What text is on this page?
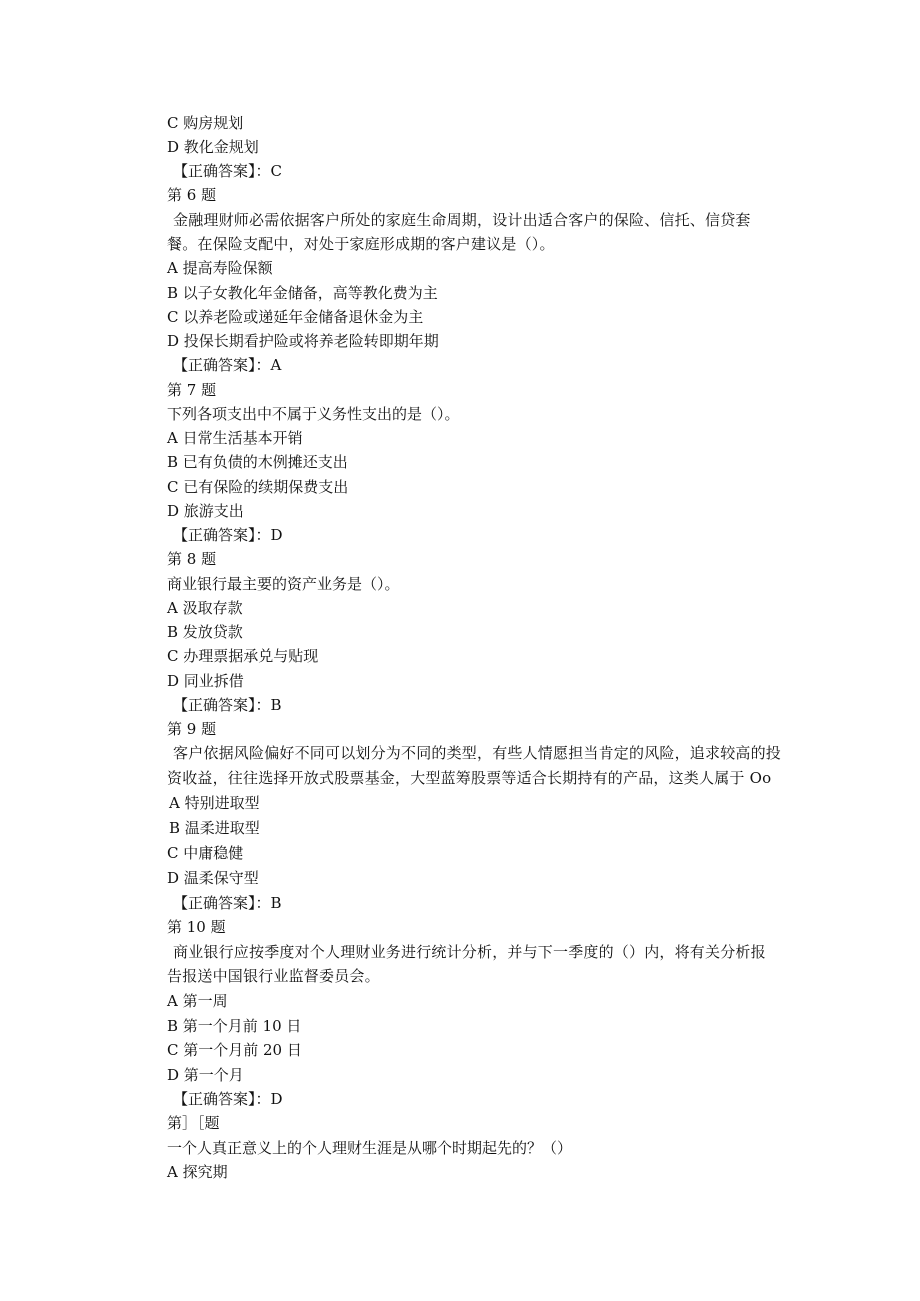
C 购房规划
D 教化金规划
【正确答案】：C
第 6 题
金融理财师必需依据客户所处的家庭生命周期，设计出适合客户的保险、信托、信贷套
餐。在保险支配中，对处于家庭形成期的客户建议是（）。
A 提高寿险保额
B 以子女教化年金储备，高等教化费为主
C 以养老险或递延年金储备退休金为主
D 投保长期看护险或将养老险转即期年期
【正确答案】：A
第 7 题
下列各项支出中不属于义务性支出的是（）。
A 日常生活基本开销
B 已有负债的木例摊还支出
C 已有保险的续期保费支出
D 旅游支出
【正确答案】：D
第 8 题
商业银行最主要的资产业务是（）。
A 汲取存款
B 发放贷款
C 办理票据承兑与贴现
D 同业拆借
【正确答案】：B
第 9 题
客户依据风险偏好不同可以划分为不同的类型，有些人情愿担当肯定的风险，追求较高的投
资收益，往往选择开放式股票基金，大型蓝筹股票等适合长期持有的产品，这类人属于 Oo
A 特别进取型
B 温柔进取型
C 中庸稳健
D 温柔保守型
【正确答案】：B
第 10 题
商业银行应按季度对个人理财业务进行统计分析，并与下一季度的（）内，将有关分析报
告报送中国银行业监督委员会。
A 第一周
B 第一个月前 10 日
C 第一个月前 20 日
D 第一个月
【正确答案】：D
第］［题
一个人真正意义上的个人理财生涯是从哪个时期起先的？（）
A 探究期
